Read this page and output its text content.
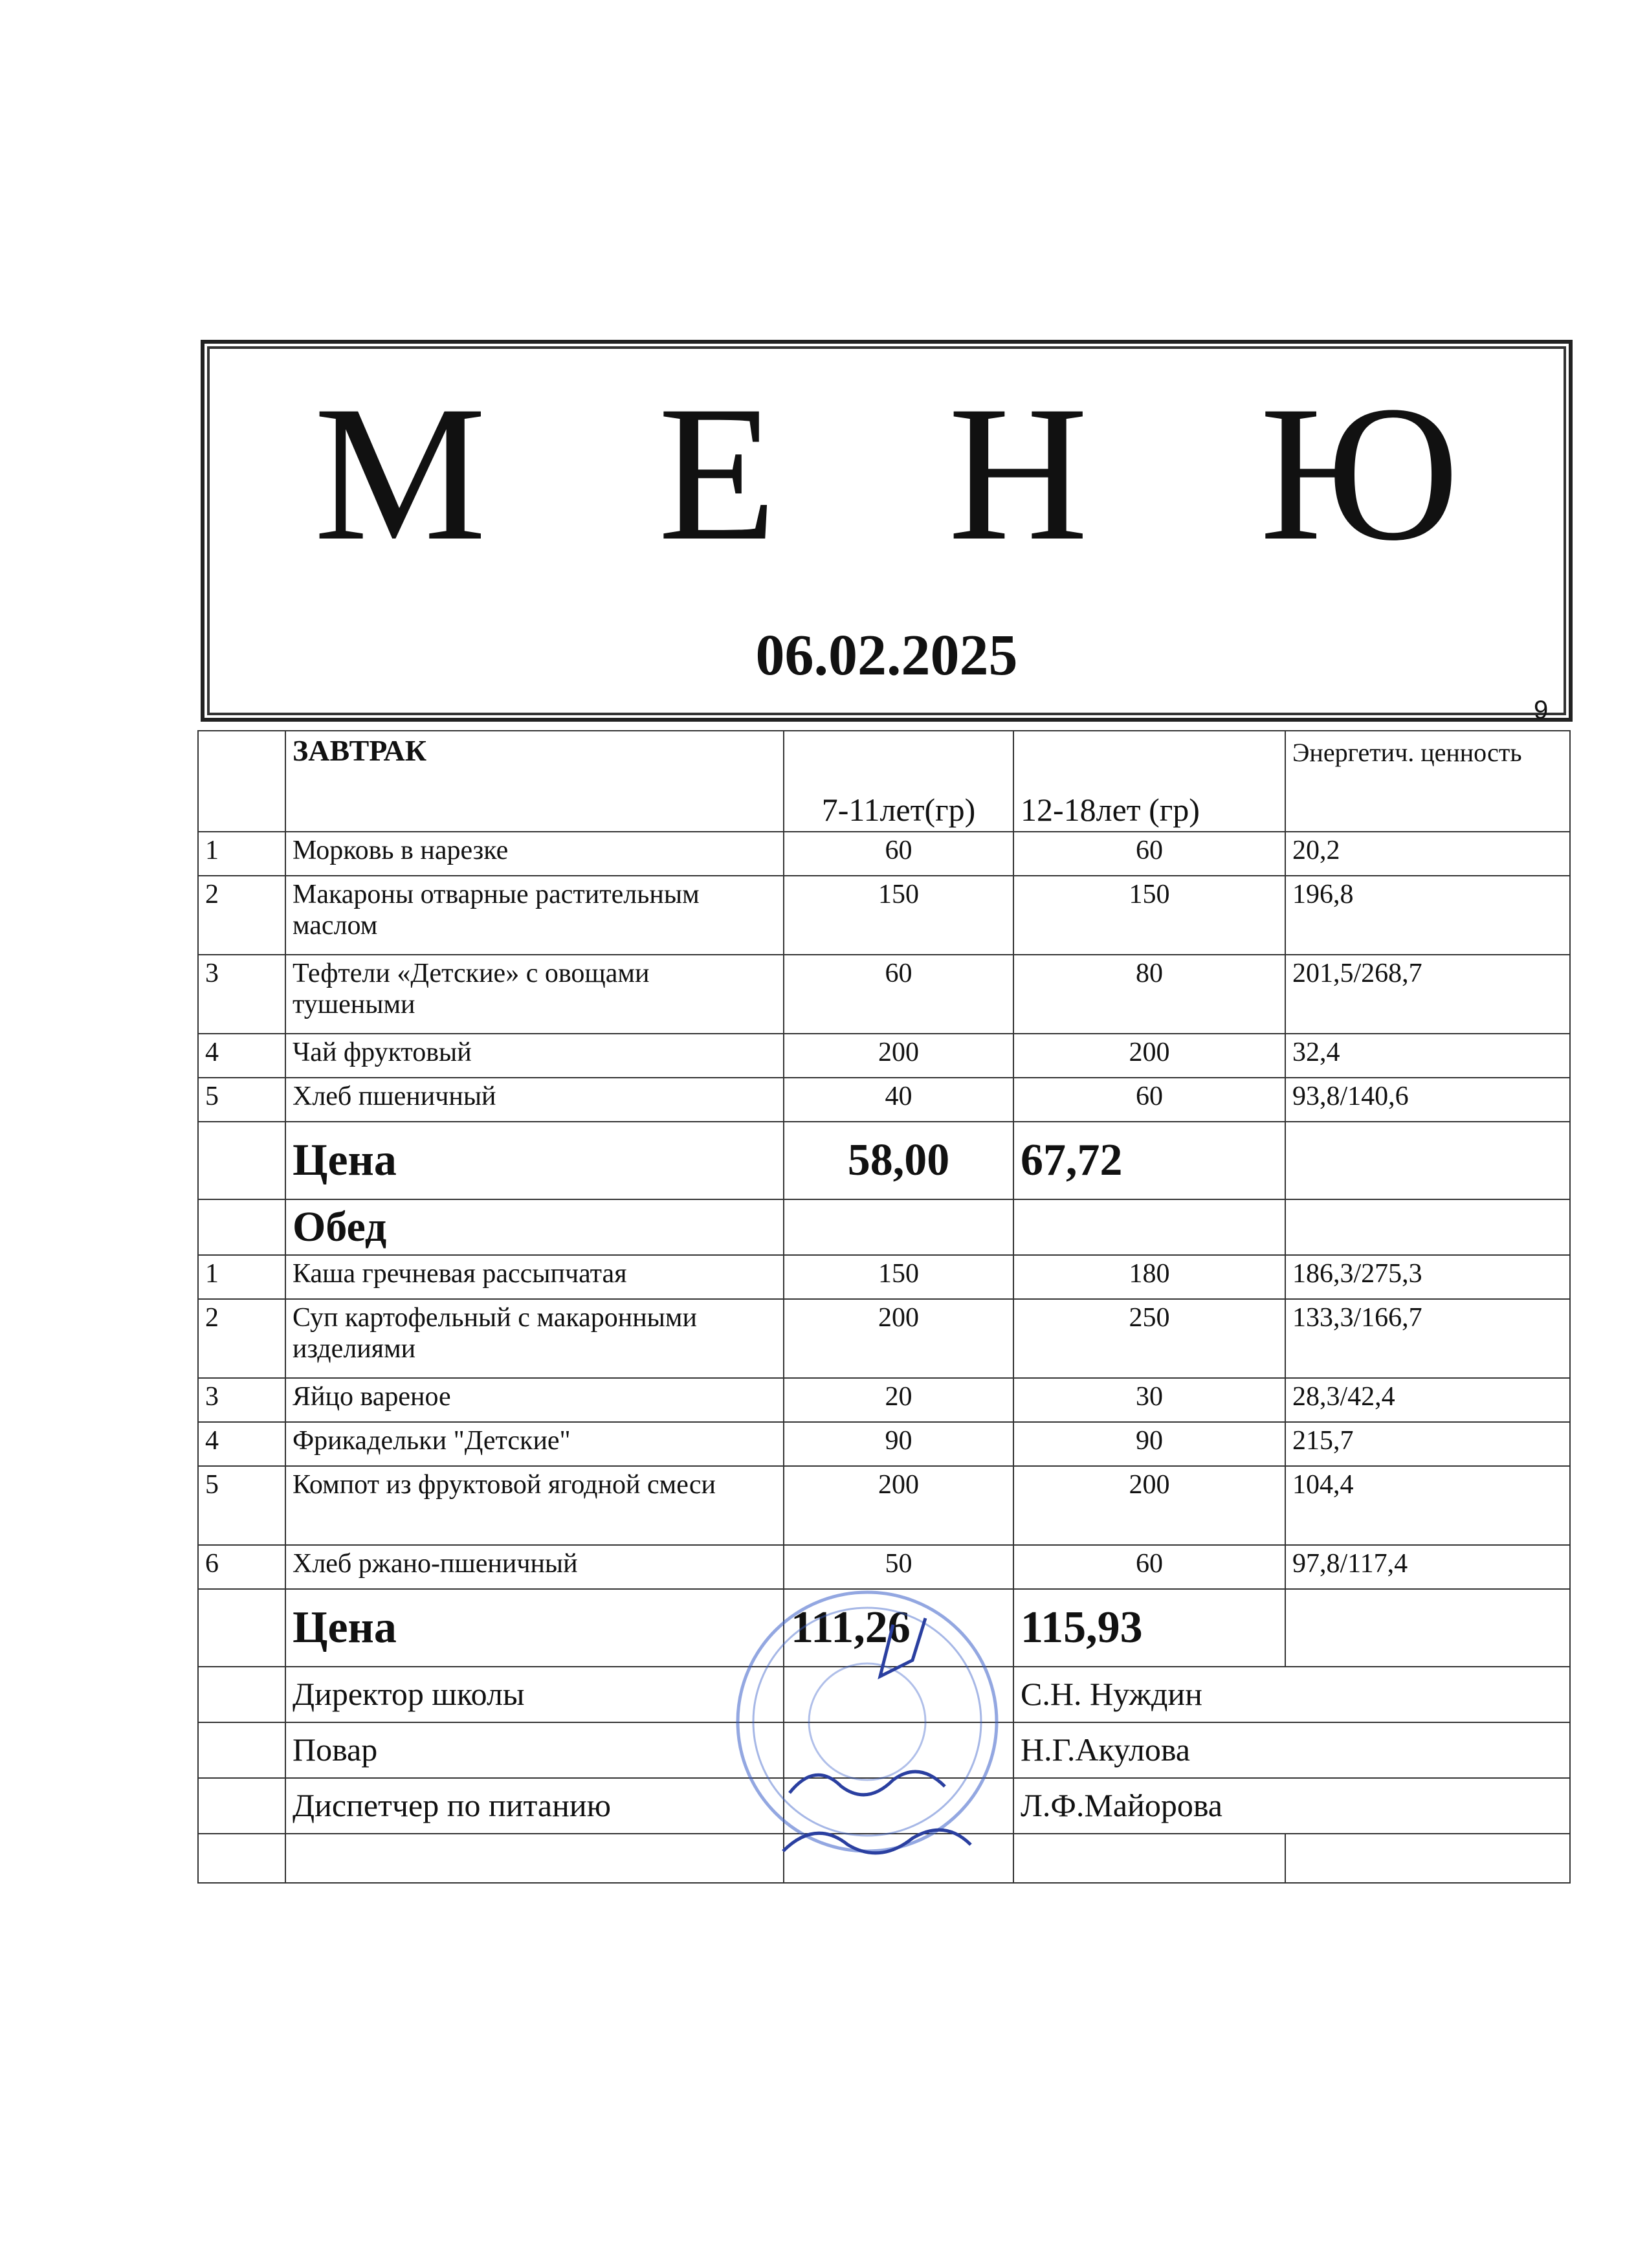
М Е Н Ю
06.02.2025
9
	ЗАВТРАК	7-11лет(гр)	12-18лет (гр)	Энергетич. ценность
1	Морковь в нарезке	60	60	20,2
2	Макароны отварные растительным маслом	150	150	196,8
3	Тефтели «Детские» с овощами тушеными	60	80	201,5/268,7
4	Чай фруктовый	200	200	32,4
5	Хлеб пшеничный	40	60	93,8/140,6
	Цена	58,00	67,72	
	Обед			
1	Каша гречневая рассыпчатая	150	180	186,3/275,3
2	Суп картофельный с макаронными изделиями	200	250	133,3/166,7
3	Яйцо вареное	20	30	28,3/42,4
4	Фрикадельки "Детские"	90	90	215,7
5	Компот из фруктовой ягодной смеси	200	200	104,4
6	Хлеб ржано-пшеничный	50	60	97,8/117,4
	Цена	111,26	115,93	
	Директор школы		С.Н. Нуждин	
	Повар		Н.Г.Акулова	
	Диспетчер по питанию		Л.Ф.Майорова	
